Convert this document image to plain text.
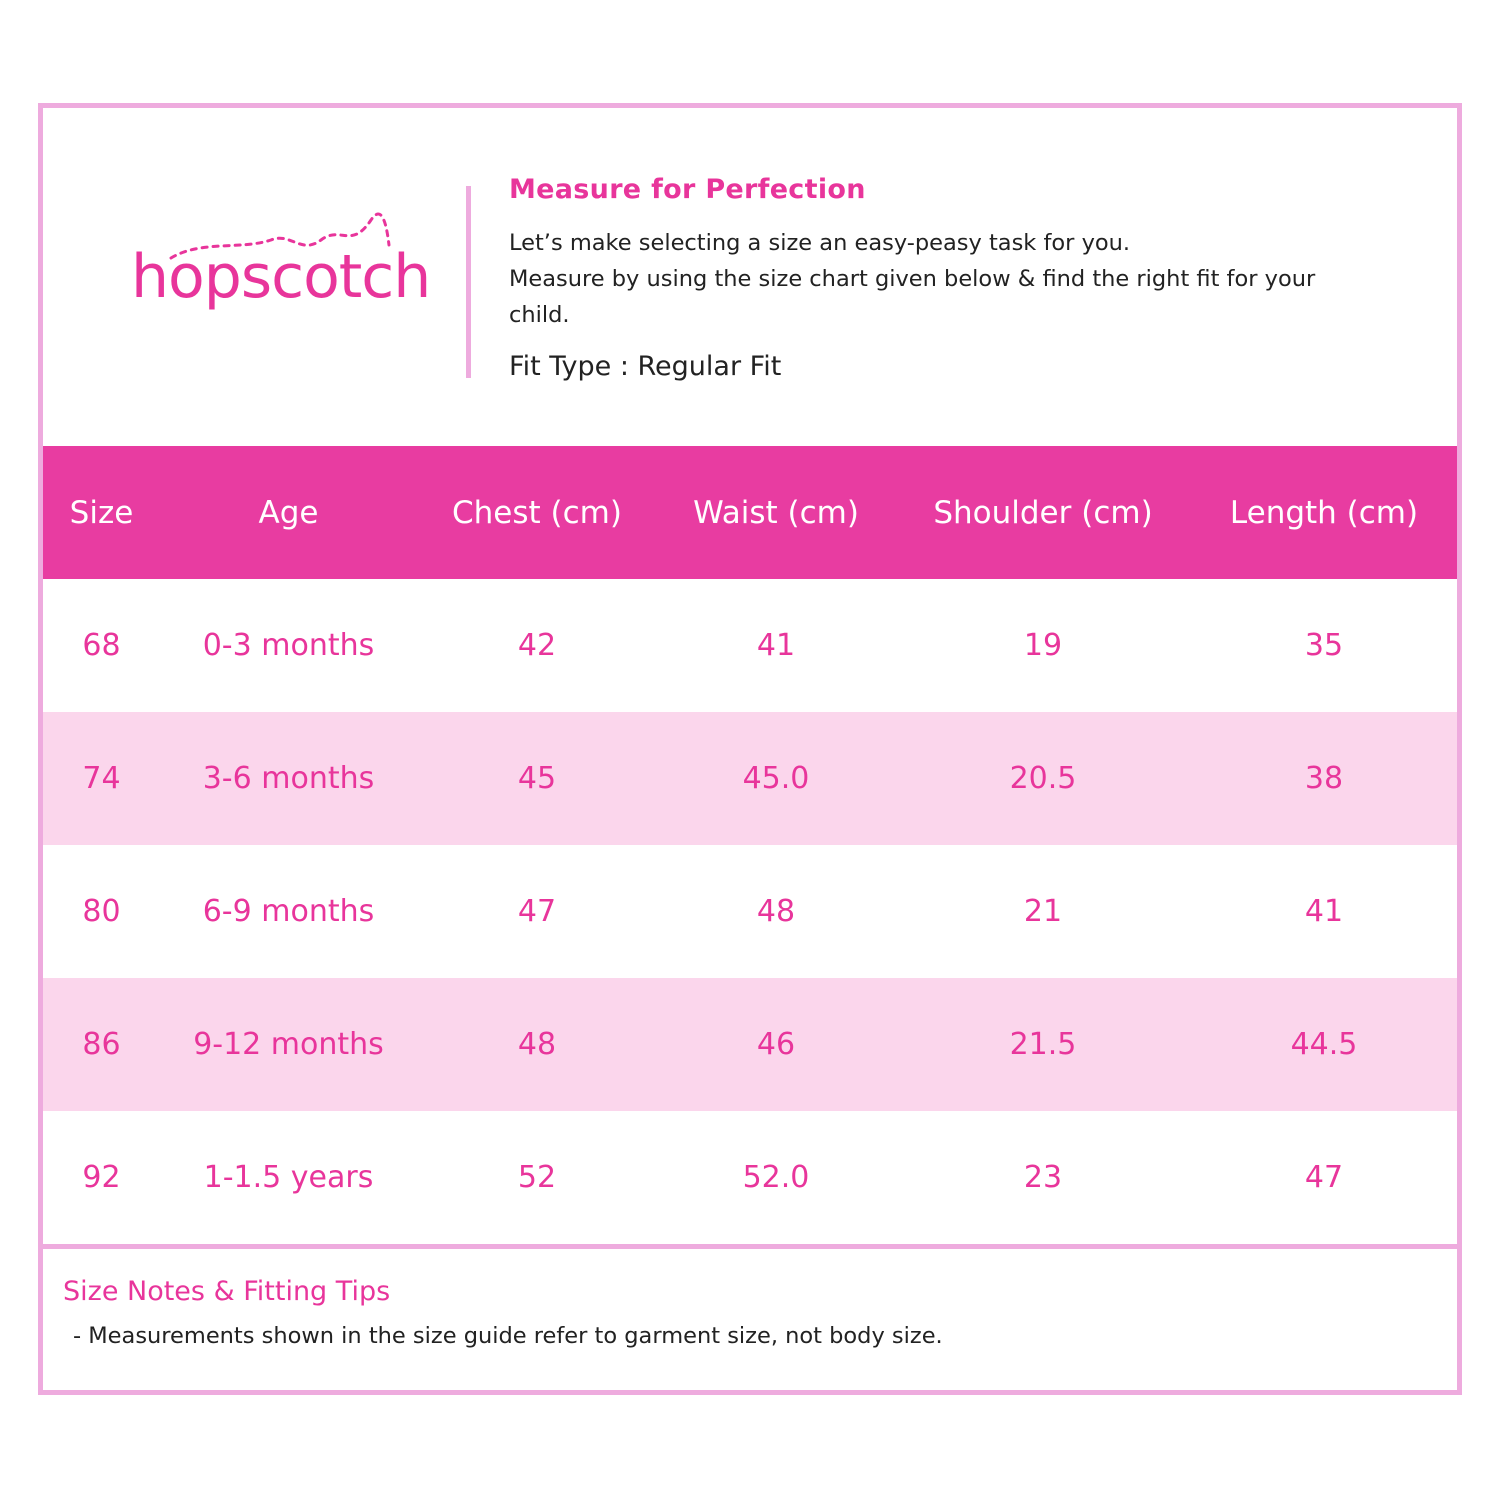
hopscotch

Measure for Perfection

Let’s make selecting a size an easy-peasy task for you.

Measure by using the size chart given below & find the right fit for your

child.

Fit Type : Regular Fit
Size	Age	Chest (cm)	Waist (cm)	Shoulder (cm)	Length (cm)
68	0-3 months	42	41	19	35
74	3-6 months	45	45.0	20.5	38
80	6-9 months	47	48	21	41
86	9-12 months	48	46	21.5	44.5
92	1-1.5 years	52	52.0	23	47

Size Notes & Fitting Tips

- Measurements shown in the size guide refer to garment size, not body size.
